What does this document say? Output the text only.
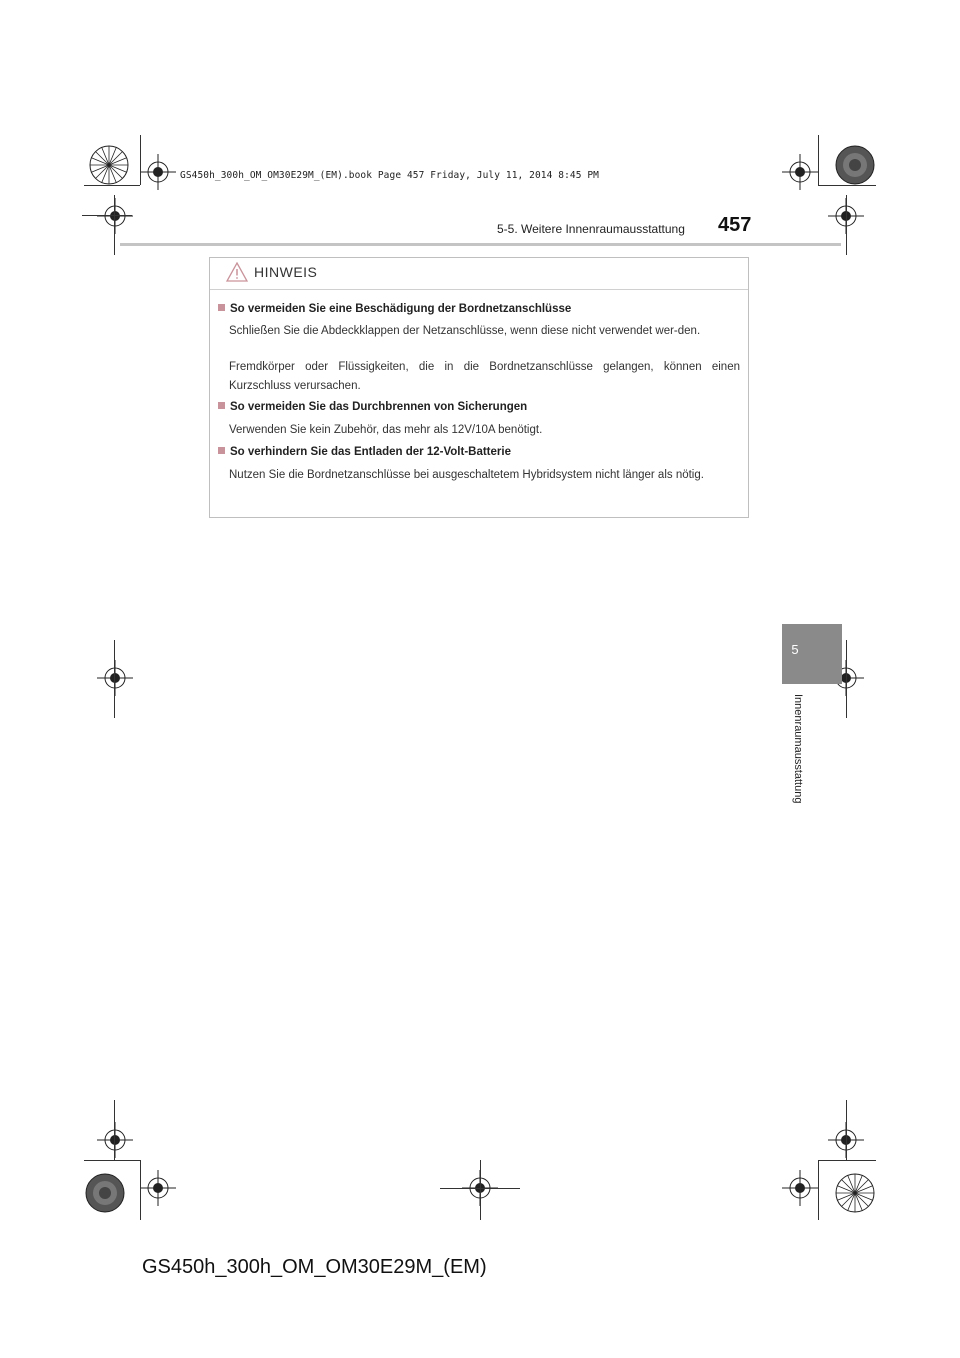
GS450h_300h_OM_OM30E29M_(EM).book Page 457 Friday, July 11, 2014 8:45 PM
5-5. Weitere Innenraumausstattung 457
5
Innenraumausstattung
HINWEIS
So vermeiden Sie eine Beschädigung der Bordnetzanschlüsse
Schließen Sie die Abdeckklappen der Netzanschlüsse, wenn diese nicht verwendet wer-den.
Fremdkörper oder Flüssigkeiten, die in die Bordnetzanschlüsse gelangen, können einen Kurzschluss verursachen.
So vermeiden Sie das Durchbrennen von Sicherungen
Verwenden Sie kein Zubehör, das mehr als 12V/10A benötigt.
So verhindern Sie das Entladen der 12-Volt-Batterie
Nutzen Sie die Bordnetzanschlüsse bei ausgeschaltetem Hybridsystem nicht länger als nötig.
GS450h_300h_OM_OM30E29M_(EM)
